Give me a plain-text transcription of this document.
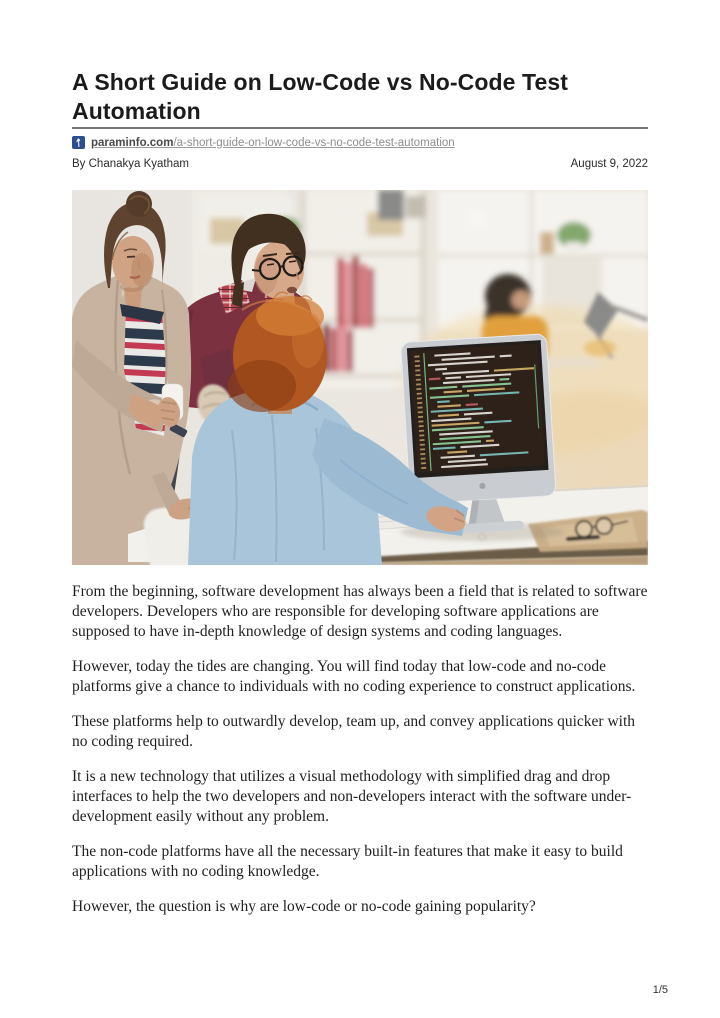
A Short Guide on Low-Code vs No-Code Test Automation
paraminfo.com/a-short-guide-on-low-code-vs-no-code-test-automation
By Chanakya Kyatham	August 9, 2022

From the beginning, software development has always been a field that is related to software developers. Developers who are responsible for developing software applications are supposed to have in-depth knowledge of design systems and coding languages.

However, today the tides are changing. You will find today that low-code and no-code platforms give a chance to individuals with no coding experience to construct applications.

These platforms help to outwardly develop, team up, and convey applications quicker with no coding required.

It is a new technology that utilizes a visual methodology with simplified drag and drop interfaces to help the two developers and non-developers interact with the software under-development easily without any problem.

The non-code platforms have all the necessary built-in features that make it easy to build applications with no coding knowledge.

However, the question is why are low-code or no-code gaining popularity?

1/5
